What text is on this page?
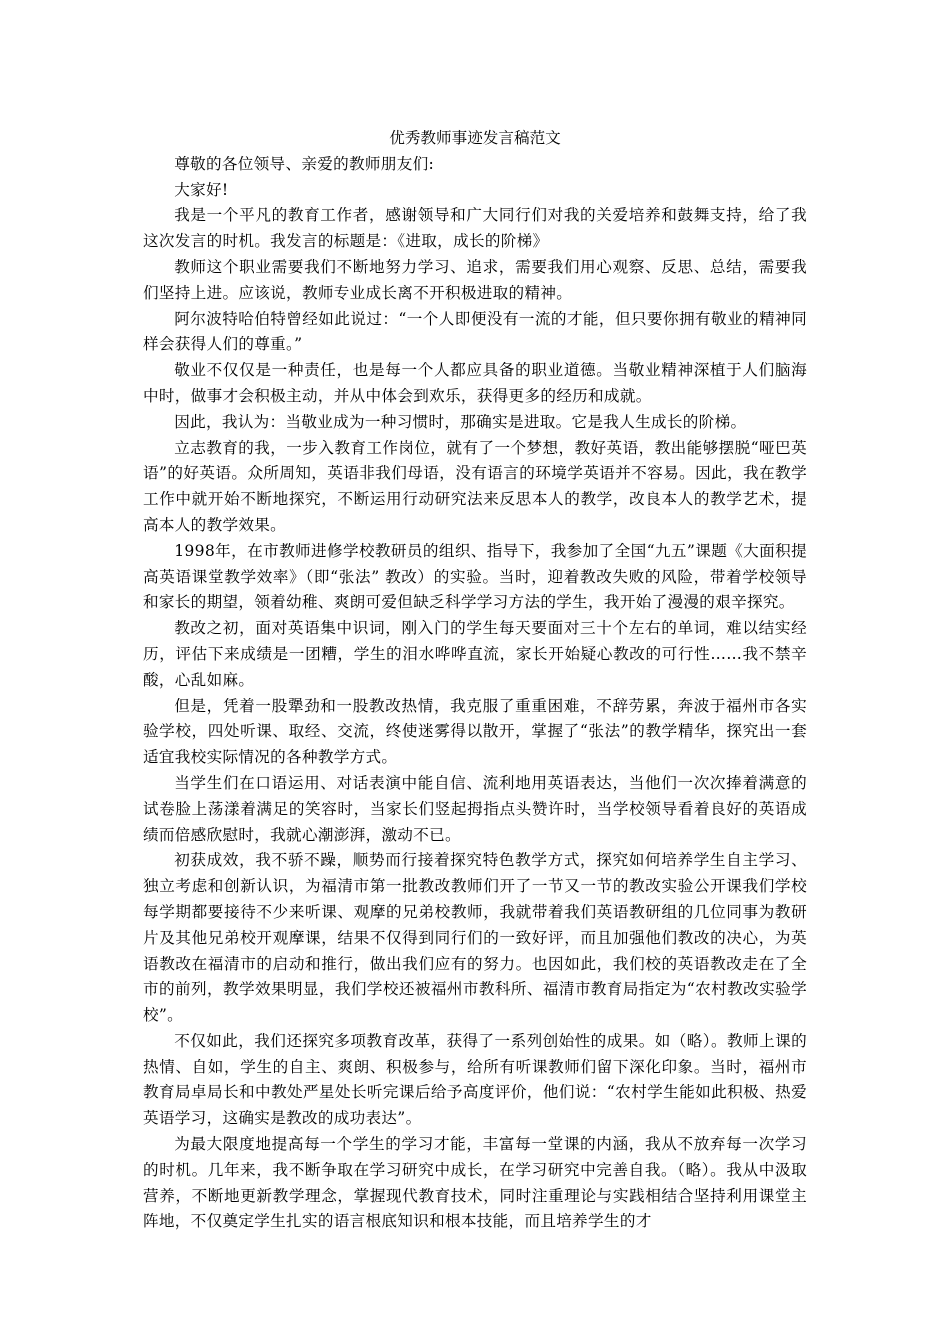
优秀教师事迹发言稿范文

尊敬的各位领导、亲爱的教师朋友们:

大家好!

我是一个平凡的教育工作者，感谢领导和广大同行们对我的关爱培养和鼓舞支持，给了我这次发言的时机。我发言的标题是：《进取，成长的阶梯》

教师这个职业需要我们不断地努力学习、追求，需要我们用心观察、反思、总结，需要我们坚持上进。应该说，教师专业成长离不开积极进取的精神。

阿尔波特哈伯特曾经如此说过：“一个人即便没有一流的才能，但只要你拥有敬业的精神同样会获得人们的尊重。”

敬业不仅仅是一种责任，也是每一个人都应具备的职业道德。当敬业精神深植于人们脑海中时，做事才会积极主动，并从中体会到欢乐，获得更多的经历和成就。

因此，我认为：当敬业成为一种习惯时，那确实是进取。它是我人生成长的阶梯。

立志教育的我，一步入教育工作岗位，就有了一个梦想，教好英语，教出能够摆脱“哑巴英语”的好英语。众所周知，英语非我们母语，没有语言的环境学英语并不容易。因此，我在教学工作中就开始不断地探究，不断运用行动研究法来反思本人的教学，改良本人的教学艺术，提高本人的教学效果。

1998年，在市教师进修学校教研员的组织、指导下，我参加了全国“九五”课题《大面积提高英语课堂教学效率》（即“张法” 教改）的实验。当时，迎着教改失败的风险，带着学校领导和家长的期望，领着幼稚、爽朗可爱但缺乏科学学习方法的学生，我开始了漫漫的艰辛探究。

教改之初，面对英语集中识词，刚入门的学生每天要面对三十个左右的单词，难以结实经历，评估下来成绩是一团糟，学生的泪水哗哗直流，家长开始疑心教改的可行性……我不禁辛酸，心乱如麻。

但是，凭着一股犟劲和一股教改热情，我克服了重重困难，不辞劳累，奔波于福州市各实验学校，四处听课、取经、交流，终使迷雾得以散开，掌握了“张法”的教学精华，探究出一套适宜我校实际情况的各种教学方式。

当学生们在口语运用、对话表演中能自信、流利地用英语表达，当他们一次次捧着满意的试卷脸上荡漾着满足的笑容时，当家长们竖起拇指点头赞许时，当学校领导看着良好的英语成绩而倍感欣慰时，我就心潮澎湃，激动不已。

初获成效，我不骄不躁，顺势而行接着探究特色教学方式，探究如何培养学生自主学习、独立考虑和创新认识，为福清市第一批教改教师们开了一节又一节的教改实验公开课我们学校每学期都要接待不少来听课、观摩的兄弟校教师，我就带着我们英语教研组的几位同事为教研片及其他兄弟校开观摩课，结果不仅得到同行们的一致好评，而且加强他们教改的决心，为英语教改在福清市的启动和推行，做出我们应有的努力。也因如此，我们校的英语教改走在了全市的前列，教学效果明显，我们学校还被福州市教科所、福清市教育局指定为“农村教改实验学校”。

不仅如此，我们还探究多项教育改革，获得了一系列创始性的成果。如（略）。教师上课的热情、自如，学生的自主、爽朗、积极参与，给所有听课教师们留下深化印象。当时，福州市教育局卓局长和中教处严星处长听完课后给予高度评价，他们说：“农村学生能如此积极、热爱英语学习，这确实是教改的成功表达”。

为最大限度地提高每一个学生的学习才能，丰富每一堂课的内涵，我从不放弃每一次学习的时机。几年来，我不断争取在学习研究中成长，在学习研究中完善自我。（略）。我从中汲取营养，不断地更新教学理念，掌握现代教育技术，同时注重理论与实践相结合坚持利用课堂主阵地，不仅奠定学生扎实的语言根底知识和根本技能，而且培养学生的才
